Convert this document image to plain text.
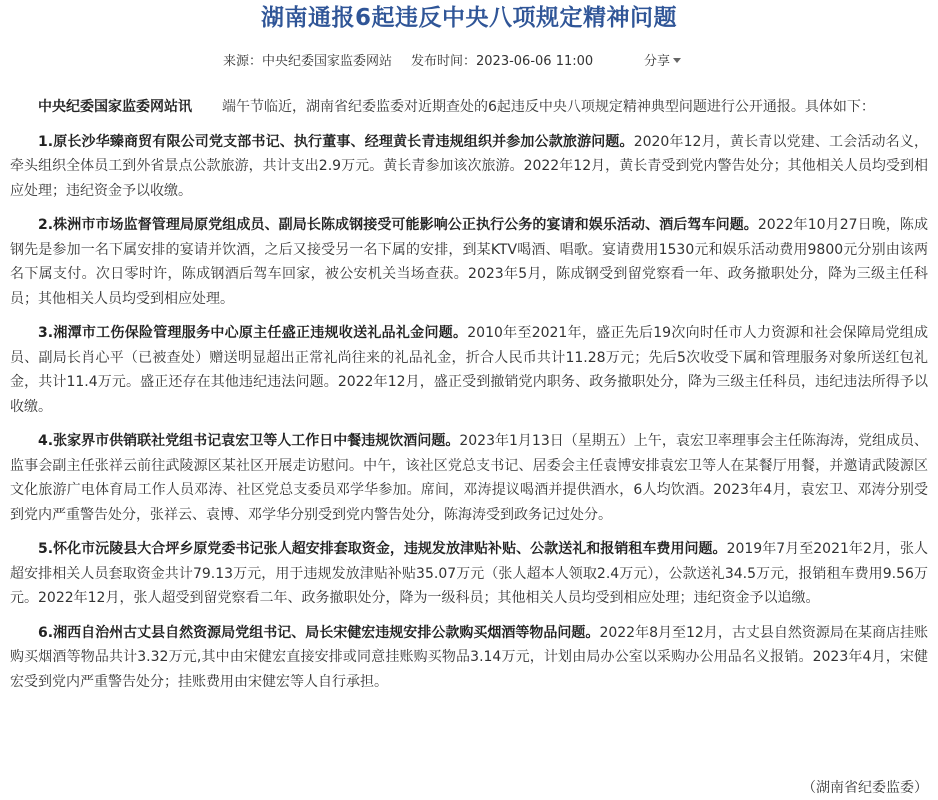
湖南通报6起违反中央八项规定精神问题
来源：中央纪委国家监委网站 发布时间：2023-06-06 11:00	分享

中央纪委国家监委网站讯 端午节临近，湖南省纪委监委对近期查处的6起违反中央八项规定精神典型问题进行公开通报。具体如下：

1.原长沙华臻商贸有限公司党支部书记、执行董事、经理黄长青违规组织并参加公款旅游问题。2020年12月，黄长青以党建、工会活动名义，牵头组织全体员工到外省景点公款旅游，共计支出2.9万元。黄长青参加该次旅游。2022年12月，黄长青受到党内警告处分；其他相关人员均受到相应处理；违纪资金予以收缴。

2.株洲市市场监督管理局原党组成员、副局长陈成钢接受可能影响公正执行公务的宴请和娱乐活动、酒后驾车问题。2022年10月27日晚，陈成钢先是参加一名下属安排的宴请并饮酒，之后又接受另一名下属的安排，到某KTV喝酒、唱歌。宴请费用1530元和娱乐活动费用9800元分别由该两名下属支付。次日零时许，陈成钢酒后驾车回家，被公安机关当场查获。2023年5月，陈成钢受到留党察看一年、政务撤职处分，降为三级主任科员；其他相关人员均受到相应处理。

3.湘潭市工伤保险管理服务中心原主任盛正违规收送礼品礼金问题。2010年至2021年，盛正先后19次向时任市人力资源和社会保障局党组成员、副局长肖心平（已被查处）赠送明显超出正常礼尚往来的礼品礼金，折合人民币共计11.28万元；先后5次收受下属和管理服务对象所送红包礼金，共计11.4万元。盛正还存在其他违纪违法问题。2022年12月，盛正受到撤销党内职务、政务撤职处分，降为三级主任科员，违纪违法所得予以收缴。

4.张家界市供销联社党组书记袁宏卫等人工作日中餐违规饮酒问题。2023年1月13日（星期五）上午，袁宏卫率理事会主任陈海涛，党组成员、监事会副主任张祥云前往武陵源区某社区开展走访慰问。中午，该社区党总支书记、居委会主任袁博安排袁宏卫等人在某餐厅用餐，并邀请武陵源区文化旅游广电体育局工作人员邓涛、社区党总支委员邓学华参加。席间，邓涛提议喝酒并提供酒水，6人均饮酒。2023年4月，袁宏卫、邓涛分别受到党内严重警告处分，张祥云、袁博、邓学华分别受到党内警告处分，陈海涛受到政务记过处分。

5.怀化市沅陵县大合坪乡原党委书记张人超安排套取资金，违规发放津贴补贴、公款送礼和报销租车费用问题。2019年7月至2021年2月，张人超安排相关人员套取资金共计79.13万元，用于违规发放津贴补贴35.07万元（张人超本人领取2.4万元），公款送礼34.5万元，报销租车费用9.56万元。2022年12月，张人超受到留党察看二年、政务撤职处分，降为一级科员；其他相关人员均受到相应处理；违纪资金予以追缴。

6.湘西自治州古丈县自然资源局党组书记、局长宋健宏违规安排公款购买烟酒等物品问题。2022年8月至12月，古丈县自然资源局在某商店挂账购买烟酒等物品共计3.32万元,其中由宋健宏直接安排或同意挂账购买物品3.14万元，计划由局办公室以采购办公用品名义报销。2023年4月，宋健宏受到党内严重警告处分；挂账费用由宋健宏等人自行承担。

（湖南省纪委监委）
